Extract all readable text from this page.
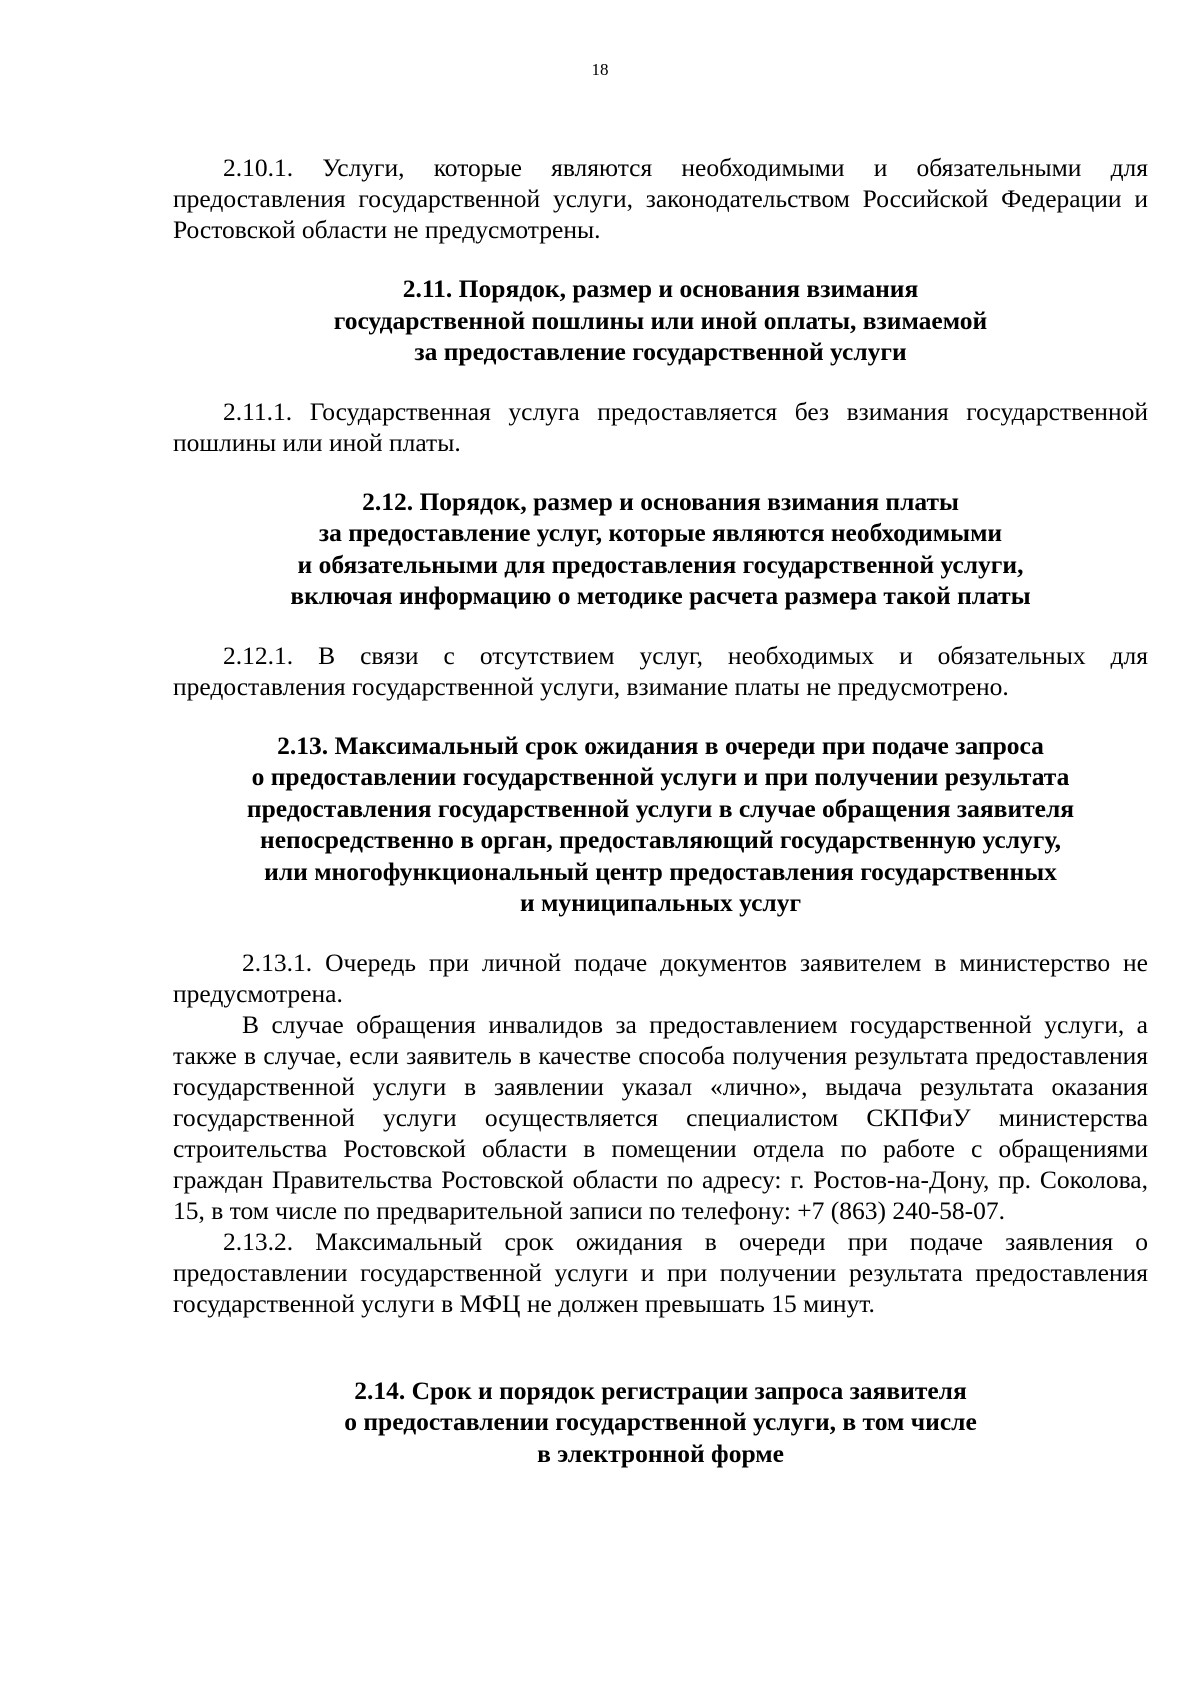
18

2.10.1. Услуги, которые являются необходимыми и обязательными для предоставления государственной услуги, законодательством Российской Федерации и Ростовской области не предусмотрены.

2.11. Порядок, размер и основания взимания
государственной пошлины или иной оплаты, взимаемой
за предоставление государственной услуги

2.11.1. Государственная услуга предоставляется без взимания государственной пошлины или иной платы.

2.12. Порядок, размер и основания взимания платы
за предоставление услуг, которые являются необходимыми
и обязательными для предоставления государственной услуги,
включая информацию о методике расчета размера такой платы

2.12.1. В связи с отсутствием услуг, необходимых и обязательных для предоставления государственной услуги, взимание платы не предусмотрено.

2.13. Максимальный срок ожидания в очереди при подаче запроса
о предоставлении государственной услуги и при получении результата
предоставления государственной услуги в случае обращения заявителя
непосредственно в орган, предоставляющий государственную услугу,
или многофункциональный центр предоставления государственных
и муниципальных услуг

2.13.1. Очередь при личной подаче документов заявителем в министерство не предусмотрена.

В случае обращения инвалидов за предоставлением государственной услуги, а также в случае, если заявитель в качестве способа получения результата предоставления государственной услуги в заявлении указал «лично», выдача результата оказания государственной услуги осуществляется специалистом СКПФиУ министерства строительства Ростовской области в помещении отдела по работе с обращениями граждан Правительства Ростовской области по адресу: г. Ростов-на-Дону, пр. Соколова, 15, в том числе по предварительной записи по телефону: +7 (863) 240-58-07.

2.13.2. Максимальный срок ожидания в очереди при подаче заявления о предоставлении государственной услуги и при получении результата предоставления государственной услуги в МФЦ не должен превышать 15 минут.

2.14. Срок и порядок регистрации запроса заявителя
о предоставлении государственной услуги, в том числе
в электронной форме
